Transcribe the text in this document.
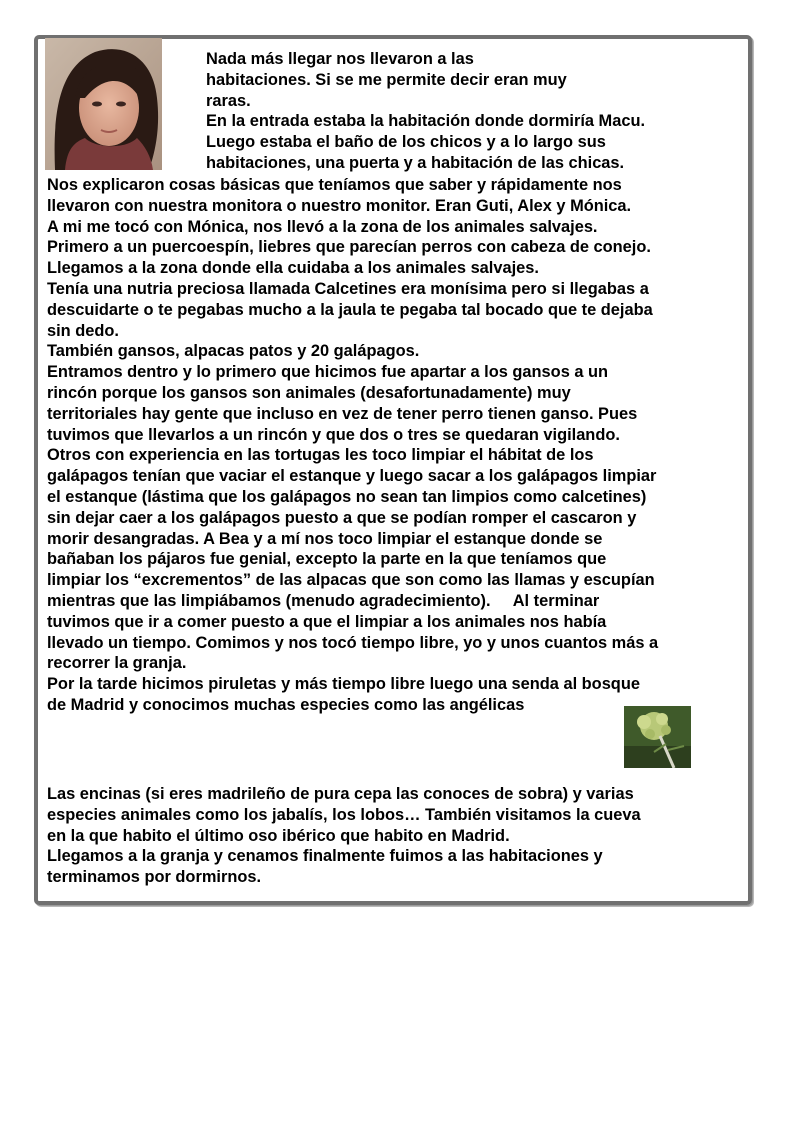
Nada más llegar nos llevaron a las
habitaciones. Si se me permite decir eran muy
raras.
En la entrada estaba la habitación donde dormiría Macu.
Luego estaba el baño de los chicos y a lo largo sus
habitaciones, una puerta y a habitación de las chicas.
Nos explicaron cosas básicas que teníamos que saber y rápidamente nos
llevaron con nuestra monitora o nuestro monitor. Eran Guti, Alex y Mónica.
A mi me tocó con Mónica, nos llevó a la zona de los animales salvajes.
Primero a un puercoespín, liebres que parecían perros con cabeza de conejo.
Llegamos a la zona donde ella cuidaba a los animales salvajes.
Tenía una nutria preciosa llamada Calcetines era monísima pero si llegabas a
descuidarte o te pegabas mucho a la jaula te pegaba tal bocado que te dejaba
sin dedo.
También gansos, alpacas patos y 20 galápagos.
Entramos dentro y lo primero que hicimos fue apartar a los gansos a un
rincón porque los gansos son animales (desafortunadamente) muy
territoriales hay gente que incluso en vez de tener perro tienen ganso. Pues
tuvimos que llevarlos a un rincón y que dos o tres se quedaran vigilando.
Otros con experiencia en las tortugas les toco limpiar el hábitat de los
galápagos tenían que vaciar el estanque y luego sacar a los galápagos limpiar
el estanque (lástima que los galápagos no sean tan limpios como calcetines)
sin dejar caer a los galápagos puesto a que se podían romper el cascaron y
morir desangradas. A Bea y a mí nos toco limpiar el estanque donde se
bañaban los pájaros fue genial, excepto la parte en la que teníamos que
limpiar los “excrementos” de las alpacas que son como las llamas y escupían
mientras que las limpiábamos (menudo agradecimiento).     Al terminar
tuvimos que ir a comer puesto a que el limpiar a los animales nos había
llevado un tiempo. Comimos y nos tocó tiempo libre, yo y unos cuantos más a
recorrer la granja.
Por la tarde hicimos piruletas y más tiempo libre luego una senda al bosque
de Madrid y conocimos muchas especies como las angélicas
Las encinas (si eres madrileño de pura cepa las conoces de sobra) y varias
especies animales como los jabalís, los lobos… También visitamos la cueva
en la que habito el último oso ibérico que habito en Madrid.
Llegamos a la granja y cenamos finalmente fuimos a las habitaciones y
terminamos por dormirnos.
